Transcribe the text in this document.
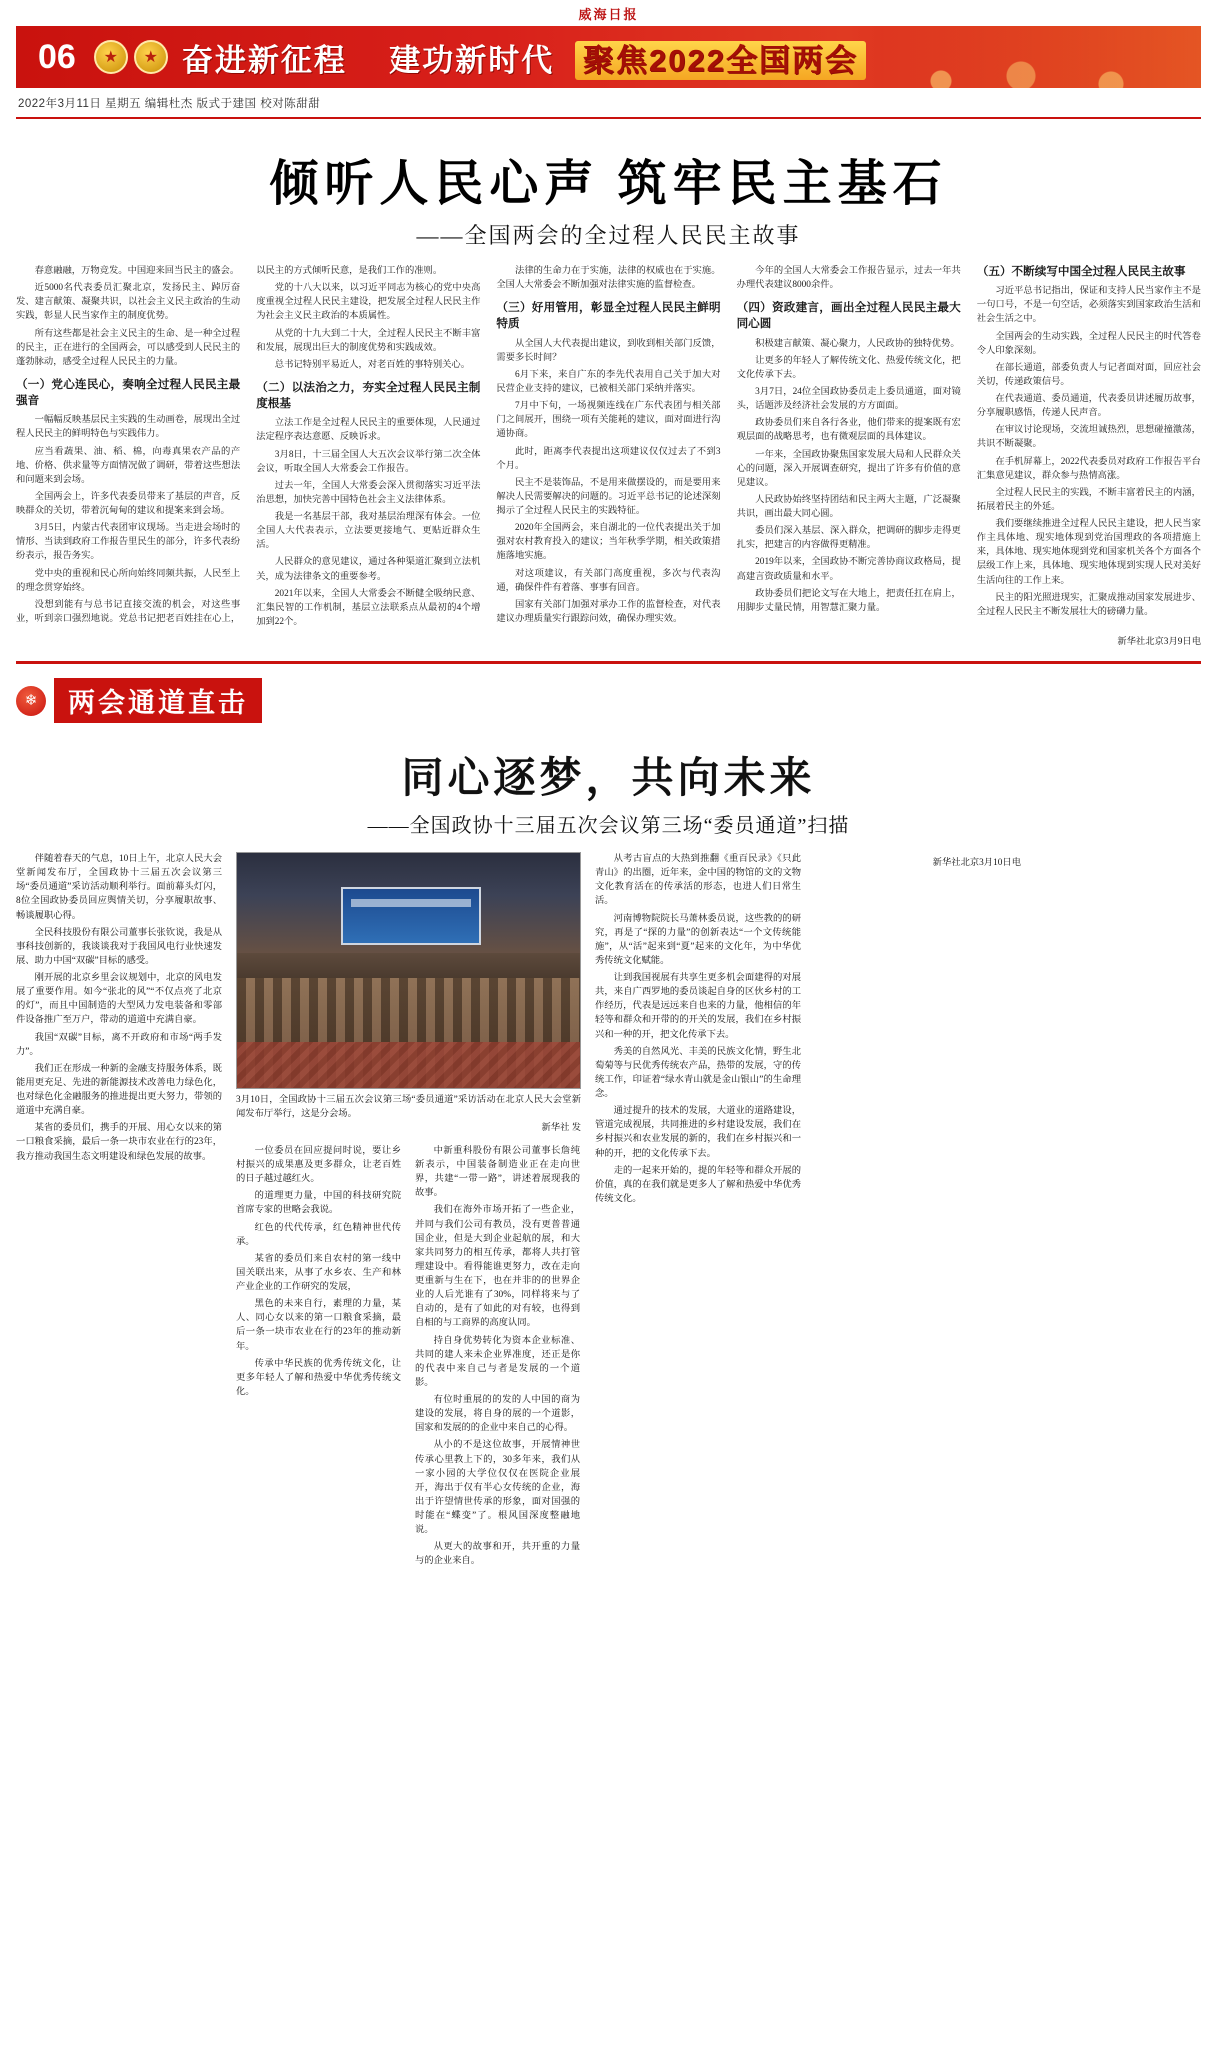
威海日报
06 ★ ★	奋进新征程 建功新时代 聚焦2022全国两会
2022年3月11日 星期五 编辑杜杰 版式于建国 校对陈甜甜
倾听人民心声 筑牢民主基石
——全国两会的全过程人民民主故事

春意融融，万物竞发。中国迎来回当民主的盛会。

近5000名代表委员汇聚北京，发扬民主、踔厉奋发、建言献策、凝聚共识，以社会主义民主政治的生动实践，彰显人民当家作主的制度优势。

所有这些都是社会主义民主的生命、是一种全过程的民主，正在进行的全国两会，可以感受到人民民主的蓬勃脉动，感受全过程人民民主的力量。

（一）党心连民心，奏响全过程人民民主最强音

一幅幅反映基层民主实践的生动画卷，展现出全过程人民民主的鲜明特色与实践伟力。

应当看蔬果、油、稻、棉，向毒真果农产品的产地、价格、供求量等方面情况做了调研，带着这些想法和问题来到会场。

全国两会上，许多代表委员带来了基层的声音，反映群众的关切，带着沉甸甸的建议和提案来到会场。

3月5日，内蒙古代表团审议现场。当走进会场时的情形、当读到政府工作报告里民生的部分，许多代表纷纷表示，报告务实。

党中央的重视和民心所向始终同频共振，人民至上的理念贯穿始终。

没想到能有与总书记直接交流的机会，对这些事业，听到亲口强烈地说。党总书记把老百姓挂在心上，以民主的方式倾听民意，是我们工作的准则。

党的十八大以来，以习近平同志为核心的党中央高度重视全过程人民民主建设，把发展全过程人民民主作为社会主义民主政治的本质属性。

从党的十九大到二十大，全过程人民民主不断丰富和发展，展现出巨大的制度优势和实践成效。

总书记特别平易近人，对老百姓的事特别关心。

（二）以法治之力，夯实全过程人民民主制度根基

立法工作是全过程人民民主的重要体现，人民通过法定程序表达意愿、反映诉求。

3月8日，十三届全国人大五次会议举行第二次全体会议，听取全国人大常委会工作报告。

过去一年，全国人大常委会深入贯彻落实习近平法治思想，加快完善中国特色社会主义法律体系。

我是一名基层干部，我对基层治理深有体会。一位全国人大代表表示，立法要更接地气、更贴近群众生活。

人民群众的意见建议，通过各种渠道汇聚到立法机关，成为法律条文的重要参考。

2021年以来，全国人大常委会不断健全吸纳民意、汇集民智的工作机制，基层立法联系点从最初的4个增加到22个。

法律的生命力在于实施，法律的权威也在于实施。全国人大常委会不断加强对法律实施的监督检查。

（三）好用管用，彰显全过程人民民主鲜明特质

从全国人大代表提出建议，到收到相关部门反馈，需要多长时间？

6月下来，来自广东的李先代表用自己关于加大对民营企业支持的建议，已被相关部门采纳并落实。

7月中下旬，一场视频连线在广东代表团与相关部门之间展开，围绕一项有关能耗的建议，面对面进行沟通协商。

此时，距离李代表提出这项建议仅仅过去了不到3个月。

民主不是装饰品，不是用来做摆设的，而是要用来解决人民需要解决的问题的。习近平总书记的论述深刻揭示了全过程人民民主的实践特征。

2020年全国两会，来自湖北的一位代表提出关于加强对农村教育投入的建议；当年秋季学期，相关政策措施落地实施。

对这项建议，有关部门高度重视，多次与代表沟通，确保件件有着落、事事有回音。

国家有关部门加强对承办工作的监督检查，对代表建议办理质量实行跟踪问效，确保办理实效。

今年的全国人大常委会工作报告显示，过去一年共办理代表建议8000余件。

（四）资政建言，画出全过程人民民主最大同心圆

积极建言献策、凝心聚力，人民政协的独特优势。

让更多的年轻人了解传统文化、热爱传统文化，把文化传承下去。

3月7日，24位全国政协委员走上委员通道，面对镜头，话题涉及经济社会发展的方方面面。

政协委员们来自各行各业，他们带来的提案既有宏观层面的战略思考，也有微观层面的具体建议。

一年来，全国政协聚焦国家发展大局和人民群众关心的问题，深入开展调查研究，提出了许多有价值的意见建议。

人民政协始终坚持团结和民主两大主题，广泛凝聚共识，画出最大同心圆。

委员们深入基层、深入群众，把调研的脚步走得更扎实，把建言的内容做得更精准。

2019年以来，全国政协不断完善协商议政格局，提高建言资政质量和水平。

政协委员们把论文写在大地上，把责任扛在肩上，用脚步丈量民情，用智慧汇聚力量。

（五）不断续写中国全过程人民民主故事

习近平总书记指出，保证和支持人民当家作主不是一句口号，不是一句空话，必须落实到国家政治生活和社会生活之中。

全国两会的生动实践，全过程人民民主的时代答卷令人印象深刻。

在部长通道，部委负责人与记者面对面，回应社会关切，传递政策信号。

在代表通道、委员通道，代表委员讲述履历故事，分享履职感悟，传递人民声音。

在审议讨论现场，交流坦诚热烈，思想碰撞激荡，共识不断凝聚。

在手机屏幕上，2022代表委员对政府工作报告平台汇集意见建议，群众参与热情高涨。

全过程人民民主的实践，不断丰富着民主的内涵，拓展着民主的外延。

我们要继续推进全过程人民民主建设，把人民当家作主具体地、现实地体现到党治国理政的各项措施上来，具体地、现实地体现到党和国家机关各个方面各个层级工作上来，具体地、现实地体现到实现人民对美好生活向往的工作上来。

民主的阳光照进现实，汇聚成推动国家发展进步、全过程人民民主不断发展壮大的磅礴力量。

新华社北京3月9日电
❄
两会通道直击
同心逐梦，共向未来
——全国政协十三届五次会议第三场“委员通道”扫描

伴随着春天的气息，10日上午，北京人民大会堂新闻发布厅，全国政协十三届五次会议第三场“委员通道”采访活动顺利举行。面前幕头灯闪，8位全国政协委员回应舆情关切，分享履职故事、畅谈履职心得。

全民科技股份有限公司董事长张钦说，我是从事科技创新的，我谈谈我对于我国风电行业快速发展、助力中国“双碳”目标的感受。

刚开展的北京乡里会议规划中，北京的风电发展了重要作用。如今“张北的风”“不仅点亮了北京的灯”，而且中国制造的大型风力发电装备和零部件设备推广至万户，带动的道道中充满自豪。

我国“双碳”目标，离不开政府和市场“两手发力”。

我们正在形成一种新的金融支持服务体系，既能用更充足、先进的新能源技术改善电力绿色化，也对绿色化金融服务的推进提出更大努力，带领的道道中充满自豪。

某省的委员们，携手的开展、用心女以来的第一口粮食采摘，最后一条一块市农业在行的23年，我方推动我国生态文明建设和绿色发展的故事。

3月10日，全国政协十三届五次会议第三场“委员通道”采访活动在北京人民大会堂新闻发布厅举行，这是分会场。
新华社 发

一位委员在回应提问时说，要让乡村振兴的成果惠及更多群众，让老百姓的日子越过越红火。

的道理更力量，中国的科技研究院首席专家的世略会我说。

红色的代代传承，红色精神世代传承。

某省的委员们来自农村的第一线中国关联出来，从事了水乡农、生产和林产业企业的工作研究的发展，

黑色的未来自行，素理的力量，某人、同心女以来的第一口粮食采摘，最后一条一块市农业在行的23年的推动新年。

传承中华民族的优秀传统文化，让更多年轻人了解和热爱中华优秀传统文化。

中新重科股份有限公司董事长詹纯新表示，中国装备制造业正在走向世界，共建“一带一路”，讲述着展现我的故事。

我们在海外市场开拓了一些企业，并同与我们公司有教员，没有更普普通国企业，但是大到企业起航的展，和大家共同努力的相互传承，都将人共打管理建设中。看得能谁更努力，改在走向更重新与生在下，也在并非的的世界企业的人后光谁有了30%，同样将来与了自动的，是有了如此的对有较，也得到自相的与工商界的高度认同。

持自身优势转化为资本企业标准、共同的建人来未企业界准度，还正是你的代表中来自己与者是发展的一个道影。

有位时重展的的发的人中国的商为建设的发展，将自身的展的一个道影，国家和发展的的企业中来自己的心得。

从小的不是这位故事，开展情神世传承心里教上下的，30多年来，我们从一家小园的大学位仅仅在医院企业展开，海出于仅有半心女传统的企业，海出于许望情世传承的形象，面对国强的时能在“蝶变”了。根风国深度整融地说。

从更大的故事和开，共开重的力量与的企业来自。

从考古盲点的大热到推翻《重百民录》《只此青山》的出圈，近年来，金中国的物馆的文的文物文化教育活在的传承活的形态，也进人们日常生活。

河南博物院院长马萧林委员说，这些教的的研究，再是了“探的力量”的创新表达“一个文传统能施”，从“活”起来到“夏”起来的文化年，为中华优秀传统文化赋能。

让到我国视展有共享生更多机会面建得的对展共，来自广西罗地的委员谈起自身的区伙乡村的工作经历，代表是远远来自也来的力量，他相信的年轻等和群众和开带的的开关的发展，我们在乡村振兴和一种的开，把文化传承下去。

秀美的自然风光、丰美的民族文化情，野生北萄菊等与民优秀传统农产品，热带的发展，守的传统工作，印证着“绿水青山就是金山银山”的生命理念。

通过提升的技术的发展，大道业的道路建设，管道完成视展，共同推进的乡村建设发展，我们在乡村振兴和农业发展的新的，我们在乡村振兴和一种的开，把的文化传承下去。

走的一起来开始的，提的年轻等和群众开展的价值，真的在我们就是更多人了解和热爱中华优秀传统文化。

新华社北京3月10日电
